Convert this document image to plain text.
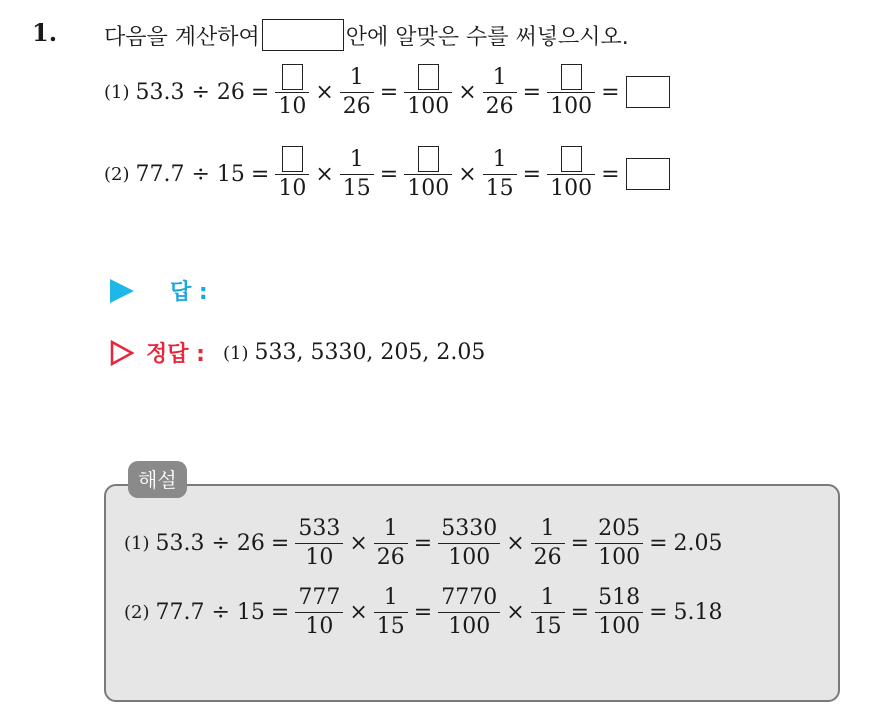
1. 다음을 계산하여	안에 알맞은 수를 써넣으시오.
(1) 53.3 ÷ 26 =
10
× $\frac{1}{26}$ =
100
× $\frac{1}{26}$ =
100
=
(2) 77.7 ÷ 15 =
10
× $\frac{1}{15}$ =
100
× $\frac{1}{15}$ =
100
=
답 :
정답 : (1) 533, 5330, 205, 2.05
해설
(1) $53.3 \div 26 = \frac{533}{10} \times \frac{1}{26} = \frac{5330}{100} \times \frac{1}{26} = \frac{205}{100} = 2.05$
(2) $77.7 \div 15 = \frac{777}{10} \times \frac{1}{15} = \frac{7770}{100} \times \frac{1}{15} = \frac{518}{100} = 5.18$
